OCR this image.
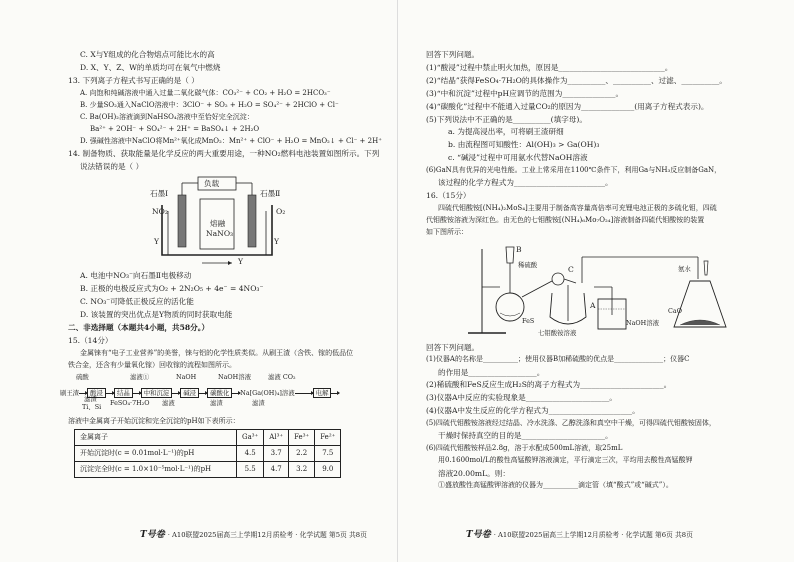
C. X与Y组成的化合物熔点可能比水的高
D. X、Y、Z、W的单质均可在氧气中燃烧
13. 下列离子方程式书写正确的是（ ）
A. 向饱和纯碱溶液中通入过量二氧化碳气体：CO₃²⁻ + CO₂ + H₂O = 2HCO₃⁻
B. 少量SO₂通入NaClO溶液中：3ClO⁻ + SO₂ + H₂O = SO₄²⁻ + 2HClO + Cl⁻
C. Ba(OH)₂溶液滴到NaHSO₄溶液中至恰好完全沉淀：
Ba²⁺ + 2OH⁻ + SO₄²⁻ + 2H⁺ = BaSO₄↓ + 2H₂O
D. 强碱性溶液中NaClO将Mn²⁺氧化成MnO₂：Mn²⁺ + ClO⁻ + H₂O = MnO₂↓ + Cl⁻ + 2H⁺
14. 制备物质、获取能量是化学反应的两大重要用途，一种NO₂燃料电池装置如图所示。下列
说法错误的是（ ）
负载
石墨Ⅰ	石墨Ⅱ
NO₂	O₂
熔融
NaNO₃
Y	Y
Y
A. 电池中NO₃⁻向石墨Ⅱ电极移动
B. 正极的电极反应式为O₂ + 2N₂O₅ + 4e⁻ = 4NO₃⁻
C. NO₃⁻可降低正极反应的活化能
D. 该装置的突出优点是Y物质的同时获取电能
二、非选择题（本题共4小题，共58分。）
15.（14分）
金属铼有“电子工业营养”的美誉，铼与铝的化学性质类似。从刷王渣（含铁、镓的低品位
铁合金，还含有少量氧化镓）回收镓的流程如图所示。
硫酸	滤液①	NaOH	NaOH溶液	滤液 CO₂
刷王渣	酸浸	结晶	中和沉淀	碱浸	碳酸化	Na[Ga(OH)₄]溶液	电解
滤渣
Ti、Si FeSO₄·7H₂O 滤液	滤渣	滤渣
溶液中金属离子开始沉淀和完全沉淀的pH如下表所示：
金属离子	Ga³⁺	Al³⁺	Fe³⁺	Fe²⁺
开始沉淀时(c = 0.01mol·L⁻¹)的pH	4.5	3.7	2.2	7.5
沉淀完全时(c = 1.0×10⁻⁵mol·L⁻¹)的pH	5.5	4.7	3.2	9.0
T号卷 · A10联盟2025届高三上学期12月质检考 · 化学试题 第5页 共8页
回答下列问题。
(1)“酸浸”过程中禁止明火加热，原因是____________________________。
(2)“结晶”获得FeSO₄·7H₂O的具体操作为__________、__________、过滤、__________。
(3)“中和沉淀”过程中pH应调节的范围为______________。
(4)“碳酸化”过程中不能通入过量CO₂的原因为______________(用离子方程式表示)。
(5)下列说法中不正确的是__________(填字母)。
a. 为提高浸出率，可将刷王渣研细
b. 由流程图可知酸性：Al(OH)₃ > Ga(OH)₃
c. “碱浸”过程中可用氨水代替NaOH溶液
(6)GaN具有优异的光电性能。工业上常采用在1100℃条件下，利用Ga与NH₃反应制备GaN，
该过程的化学方程式为________________________。
16.（15分）
四硫代钼酸铵[(NH₄)₂MoS₄]主要用于制备高容量高倍率可充锂电池正极的多硫化钼，四硫
代钼酸铵溶液为深红色。由无色的七钼酸铵[(NH₄)₆Mo₇O₂₄]溶液制备四硫代钼酸铵的装置
如下图所示：
B
稀硫酸	C
A
氨水
FeS
七钼酸铵溶液
NaOH溶液
CaO
回答下列问题。
(1)仪器A的名称是__________；使用仪器B加稀硫酸的优点是______________；仪器C
的作用是__________________。
(2)稀硫酸和FeS反应生成H₂S的离子方程式为______________________。
(3)仪器A中反应的实验现象是______________________。
(4)仪器A中发生反应的化学方程式为______________________。
(5)四硫代钼酸铵溶液经过结晶、冷水洗涤、乙醇洗涤和真空中干燥，可得四硫代钼酸铵固体，
干燥时保持真空的目的是______________________。
(6)四硫代钼酸铵样品2.8g，溶于水配成500mL溶液，取25mL
用0.1600mol/L的酸性高锰酸钾溶液滴定，平行滴定三次，平均用去酸性高锰酸钾
溶液20.00mL。则：
①盛放酸性高锰酸钾溶液的仪器为__________滴定管（填“酸式”或“碱式”）。
T号卷 · A10联盟2025届高三上学期12月质检考 · 化学试题 第6页 共8页
